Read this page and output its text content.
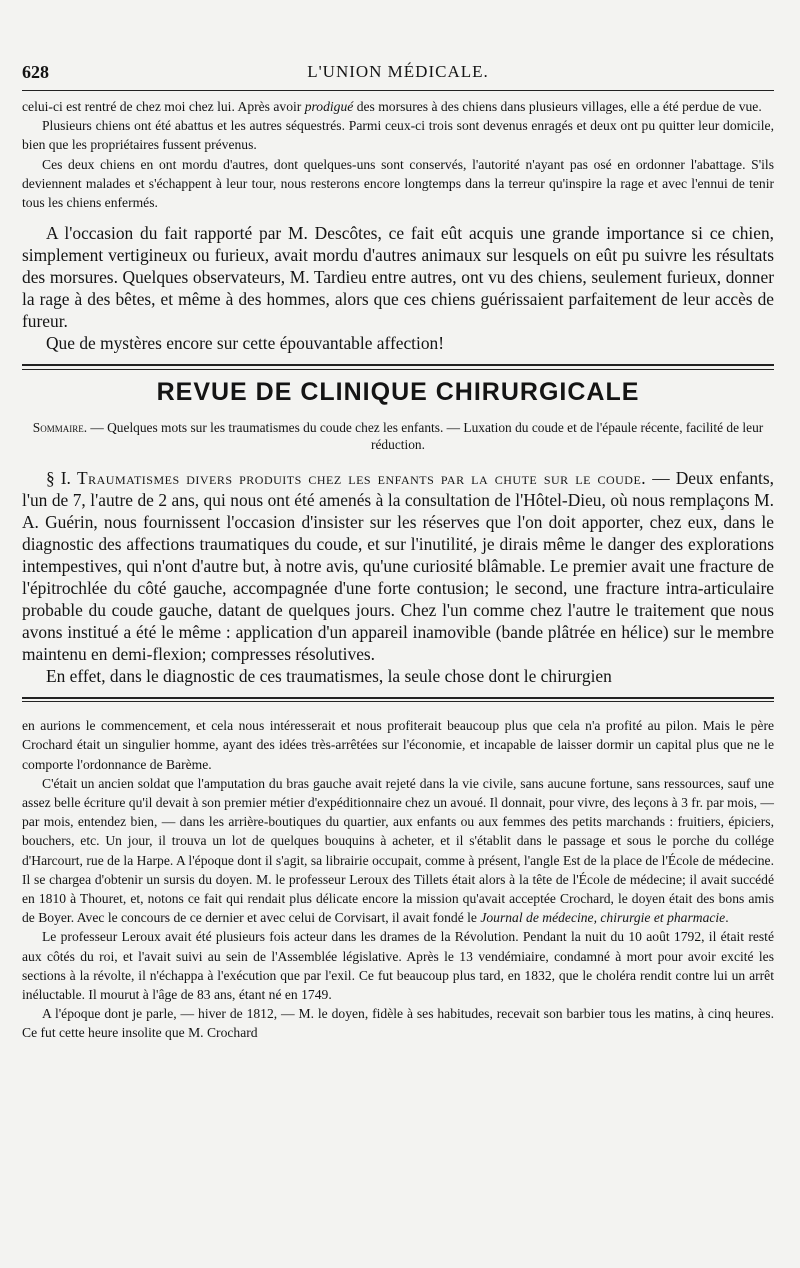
628	L'UNION MÉDICALE.

celui-ci est rentré de chez moi chez lui. Après avoir prodigué des morsures à des chiens dans plusieurs villages, elle a été perdue de vue.

Plusieurs chiens ont été abattus et les autres séquestrés. Parmi ceux-ci trois sont devenus enragés et deux ont pu quitter leur domicile, bien que les propriétaires fussent prévenus.

Ces deux chiens en ont mordu d'autres, dont quelques-uns sont conservés, l'autorité n'ayant pas osé en ordonner l'abattage. S'ils deviennent malades et s'échappent à leur tour, nous resterons encore longtemps dans la terreur qu'inspire la rage et avec l'ennui de tenir tous les chiens enfermés.

A l'occasion du fait rapporté par M. Descôtes, ce fait eût acquis une grande importance si ce chien, simplement vertigineux ou furieux, avait mordu d'autres animaux sur lesquels on eût pu suivre les résultats des morsures. Quelques observateurs, M. Tardieu entre autres, ont vu des chiens, seulement furieux, donner la rage à des bêtes, et même à des hommes, alors que ces chiens guérissaient parfaitement de leur accès de fureur.

Que de mystères encore sur cette épouvantable affection!

REVUE DE CLINIQUE CHIRURGICALE
Sommaire. — Quelques mots sur les traumatismes du coude chez les enfants. — Luxation du coude et de l'épaule récente, facilité de leur réduction.

§ I. Traumatismes divers produits chez les enfants par la chute sur le coude. — Deux enfants, l'un de 7, l'autre de 2 ans, qui nous ont été amenés à la consultation de l'Hôtel-Dieu, où nous remplaçons M. A. Guérin, nous fournissent l'occasion d'insister sur les réserves que l'on doit apporter, chez eux, dans le diagnostic des affections traumatiques du coude, et sur l'inutilité, je dirais même le danger des explorations intempestives, qui n'ont d'autre but, à notre avis, qu'une curiosité blâmable. Le premier avait une fracture de l'épitrochlée du côté gauche, accompagnée d'une forte contusion; le second, une fracture intra-articulaire probable du coude gauche, datant de quelques jours. Chez l'un comme chez l'autre le traitement que nous avons institué a été le même : application d'un appareil inamovible (bande plâtrée en hélice) sur le membre maintenu en demi-flexion; compresses résolutives.

En effet, dans le diagnostic de ces traumatismes, la seule chose dont le chirurgien

en aurions le commencement, et cela nous intéresserait et nous profiterait beaucoup plus que cela n'a profité au pilon. Mais le père Crochard était un singulier homme, ayant des idées très-arrêtées sur l'économie, et incapable de laisser dormir un capital plus que ne le comporte l'ordonnance de Barème.

C'était un ancien soldat que l'amputation du bras gauche avait rejeté dans la vie civile, sans aucune fortune, sans ressources, sauf une assez belle écriture qu'il devait à son premier métier d'expéditionnaire chez un avoué. Il donnait, pour vivre, des leçons à 3 fr. par mois, — par mois, entendez bien, — dans les arrière-boutiques du quartier, aux enfants ou aux femmes des petits marchands : fruitiers, épiciers, bouchers, etc. Un jour, il trouva un lot de quelques bouquins à acheter, et il s'établit dans le passage et sous le porche du collége d'Harcourt, rue de la Harpe. A l'époque dont il s'agit, sa librairie occupait, comme à présent, l'angle Est de la place de l'École de médecine. Il se chargea d'obtenir un sursis du doyen. M. le professeur Leroux des Tillets était alors à la tête de l'École de médecine; il avait succédé en 1810 à Thouret, et, notons ce fait qui rendait plus délicate encore la mission qu'avait acceptée Crochard, le doyen était des bons amis de Boyer. Avec le concours de ce dernier et avec celui de Corvisart, il avait fondé le Journal de médecine, chirurgie et pharmacie.

Le professeur Leroux avait été plusieurs fois acteur dans les drames de la Révolution. Pendant la nuit du 10 août 1792, il était resté aux côtés du roi, et l'avait suivi au sein de l'Assemblée législative. Après le 13 vendémiaire, condamné à mort pour avoir excité les sections à la révolte, il n'échappa à l'exécution que par l'exil. Ce fut beaucoup plus tard, en 1832, que le choléra rendit contre lui un arrêt inéluctable. Il mourut à l'âge de 83 ans, étant né en 1749.

A l'époque dont je parle, — hiver de 1812, — M. le doyen, fidèle à ses habitudes, recevait son barbier tous les matins, à cinq heures. Ce fut cette heure insolite que M. Crochard
